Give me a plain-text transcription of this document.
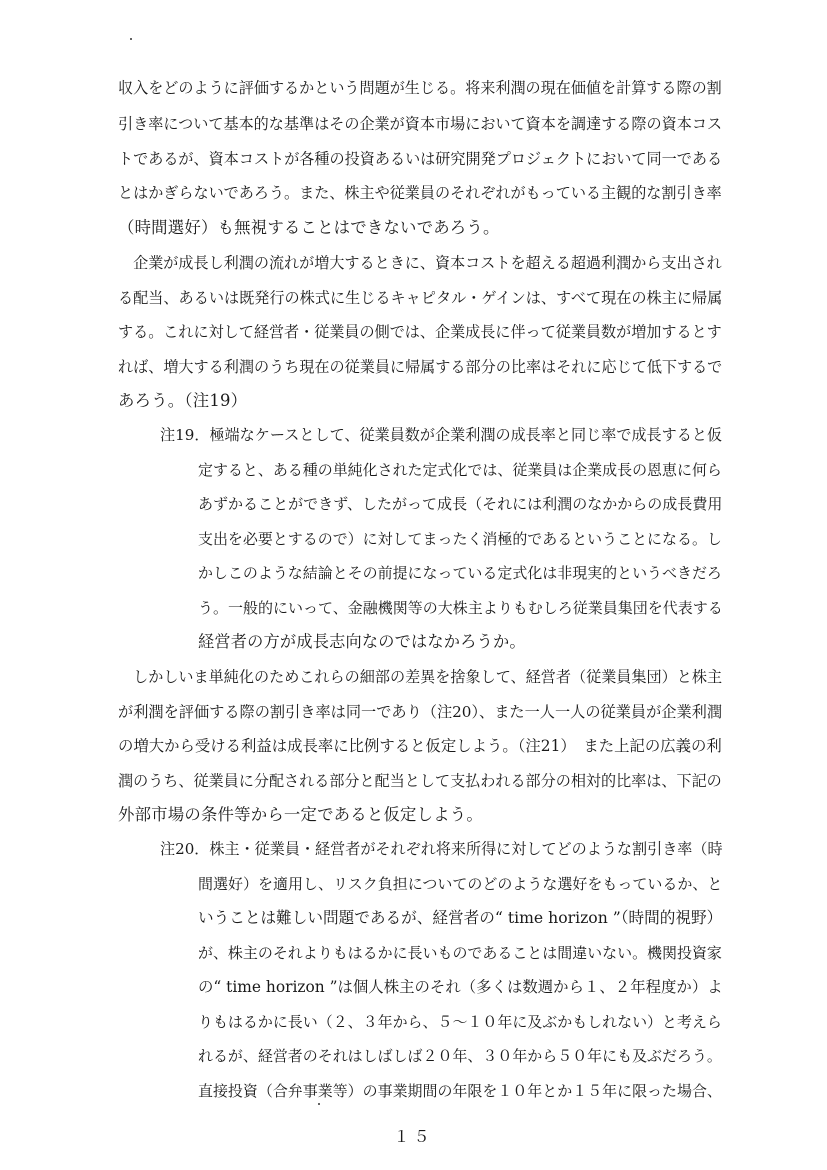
収入をどのように評価するかという問題が生じる。将来利潤の現在価値を計算する際の割
引き率について基本的な基準はその企業が資本市場において資本を調達する際の資本コス
トであるが、資本コストが各種の投資あるいは研究開発プロジェクトにおいて同一である
とはかぎらないであろう。また、株主や従業員のそれぞれがもっている主観的な割引き率
（時間選好）も無視することはできないであろう。
　企業が成長し利潤の流れが増大するときに、資本コストを超える超過利潤から支出され
る配当、あるいは既発行の株式に生じるキャピタル・ゲインは、すべて現在の株主に帰属
する。これに対して経営者・従業員の側では、企業成長に伴って従業員数が増加するとす
れば、増大する利潤のうち現在の従業員に帰属する部分の比率はそれに応じて低下するで
あろう。（注19）
注19．極端なケースとして、従業員数が企業利潤の成長率と同じ率で成長すると仮
定すると、ある種の単純化された定式化では、従業員は企業成長の恩恵に何ら
あずかることができず、したがって成長（それには利潤のなかからの成長費用
支出を必要とするので）に対してまったく消極的であるということになる。し
かしこのような結論とその前提になっている定式化は非現実的というべきだろ
う。一般的にいって、金融機関等の大株主よりもむしろ従業員集団を代表する
経営者の方が成長志向なのではなかろうか。
　しかしいま単純化のためこれらの細部の差異を捨象して、経営者（従業員集団）と株主
が利潤を評価する際の割引き率は同一であり（注20）、また一人一人の従業員が企業利潤
の増大から受ける利益は成長率に比例すると仮定しよう。（注21）　また上記の広義の利
潤のうち、従業員に分配される部分と配当として支払われる部分の相対的比率は、下記の
外部市場の条件等から一定であると仮定しよう。
注20．株主・従業員・経営者がそれぞれ将来所得に対してどのような割引き率（時
間選好）を適用し、リスク負担についてのどのような選好をもっているか、と
いうことは難しい問題であるが、経営者の“ time horizon ”（時間的視野）
が、株主のそれよりもはるかに長いものであることは間違いない。機関投資家
の“ time horizon ”は個人株主のそれ（多くは数週から１、２年程度か）よ
りもはるかに長い（２、３年から、５～１０年に及ぶかもしれない）と考えら
れるが、経営者のそれはしばしば２０年、３０年から５０年にも及ぶだろう。
直接投資（合弁事業等）の事業期間の年限を１０年とか１５年に限った場合、
１５
